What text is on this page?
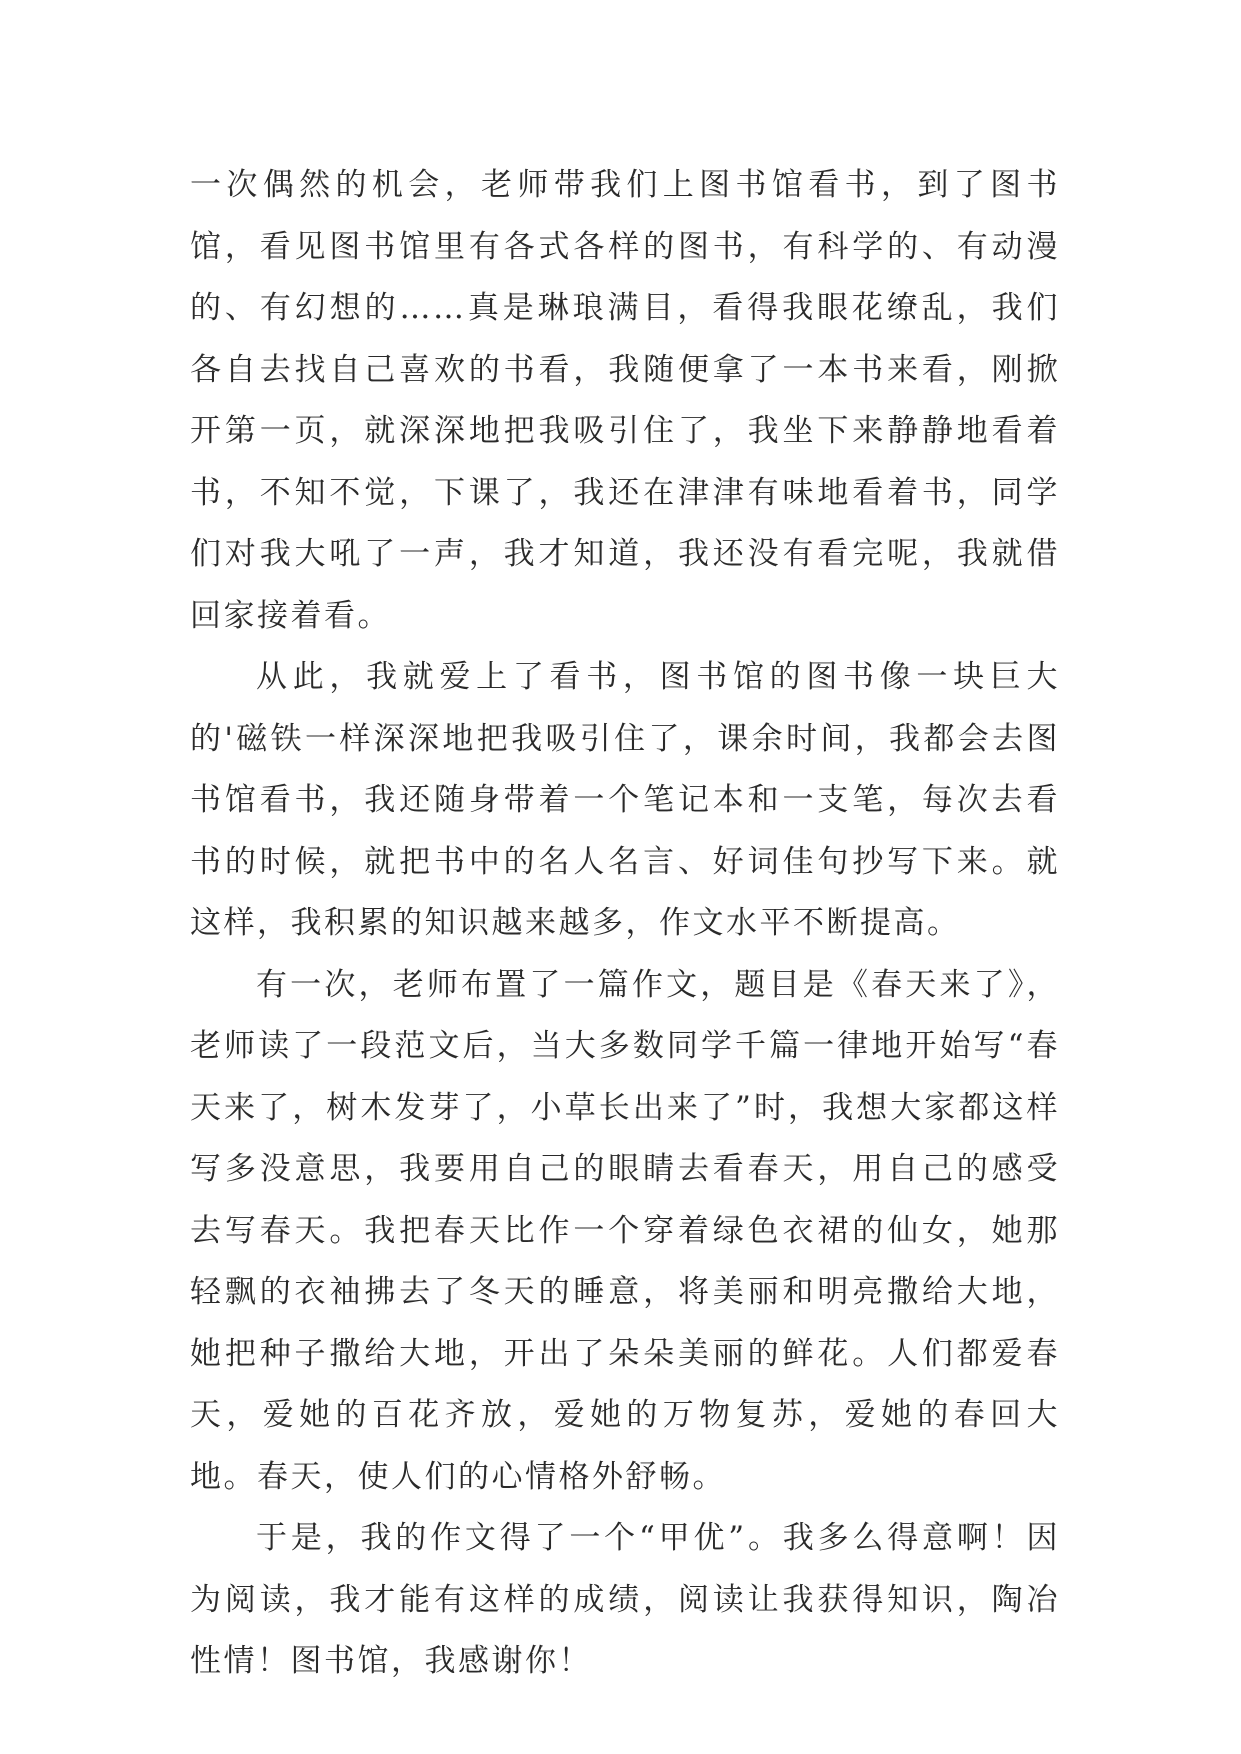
一次偶然的机会，老师带我们上图书馆看书，到了图书馆，看见图书馆里有各式各样的图书，有科学的、有动漫的、有幻想的……真是琳琅满目，看得我眼花缭乱，我们各自去找自己喜欢的书看，我随便拿了一本书来看，刚掀开第一页，就深深地把我吸引住了，我坐下来静静地看着书，不知不觉，下课了，我还在津津有味地看着书，同学们对我大吼了一声，我才知道，我还没有看完呢，我就借回家接着看。

从此，我就爱上了看书，图书馆的图书像一块巨大的'磁铁一样深深地把我吸引住了，课余时间，我都会去图书馆看书，我还随身带着一个笔记本和一支笔，每次去看书的时候，就把书中的名人名言、好词佳句抄写下来。就这样，我积累的知识越来越多，作文水平不断提高。

有一次，老师布置了一篇作文，题目是《春天来了》，老师读了一段范文后，当大多数同学千篇一律地开始写“春天来了，树木发芽了，小草长出来了”时，我想大家都这样写多没意思，我要用自己的眼睛去看春天，用自己的感受去写春天。我把春天比作一个穿着绿色衣裙的仙女，她那轻飘的衣袖拂去了冬天的睡意，将美丽和明亮撒给大地，她把种子撒给大地，开出了朵朵美丽的鲜花。人们都爱春天，爱她的百花齐放，爱她的万物复苏，爱她的春回大地。春天，使人们的心情格外舒畅。

于是，我的作文得了一个“甲优”。我多么得意啊！因为阅读，我才能有这样的成绩，阅读让我获得知识，陶冶性情！图书馆，我感谢你！
